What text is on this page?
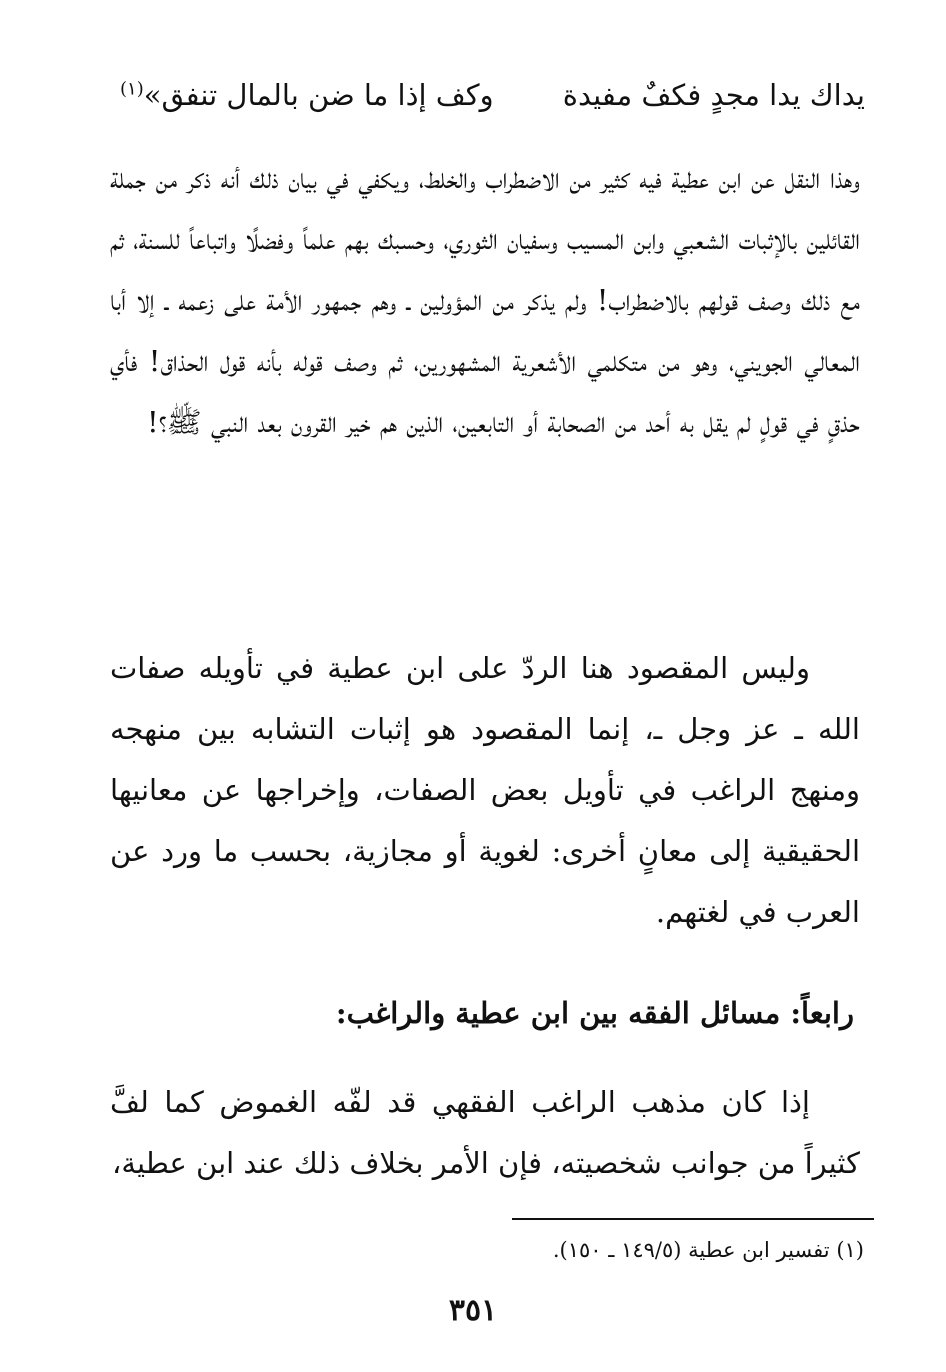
يداك يدا مجدٍ فكفٌ مفيدة
وكف إذا ما ضن بالمال تنفق»$^{(١)}$

وهذا النقل عن ابن عطية فيه كثير من الاضطراب والخلط، ويكفي في بيان ذلك أنه ذكر من جملة القائلين بالإثبات الشعبي وابن المسيب وسفيان الثوري، وحسبك بهم علماً وفضلًا واتباعاً للسنة، ثم مع ذلك وصف قولهم بالاضطراب! ولم يذكر من المؤولين ـ وهم جمهور الأمة على زعمه ـ إلا أبا المعالي الجويني، وهو من متكلمي الأشعرية المشهورين، ثم وصف قوله بأنه قول الحذاق! فأي حذقٍ في قولٍ لم يقل به أحد من الصحابة أو التابعين، الذين هم خير القرون بعد النبي ﷺ؟!

وليس المقصود هنا الردّ على ابن عطية في تأويله صفات الله ـ عز وجل ـ، إنما المقصود هو إثبات التشابه بين منهجه ومنهج الراغب في تأويل بعض الصفات، وإخراجها عن معانيها الحقيقية إلى معانٍ أخرى: لغوية أو مجازية، بحسب ما ورد عن العرب في لغتهم.

رابعاً: مسائل الفقه بين ابن عطية والراغب:

إذا كان مذهب الراغب الفقهي قد لفّه الغموض كما لفَّ كثيراً من جوانب شخصيته، فإن الأمر بخلاف ذلك عند ابن عطية،

(١) تفسير ابن عطية (١٤٩/٥ ـ ١٥٠).

٣٥١
